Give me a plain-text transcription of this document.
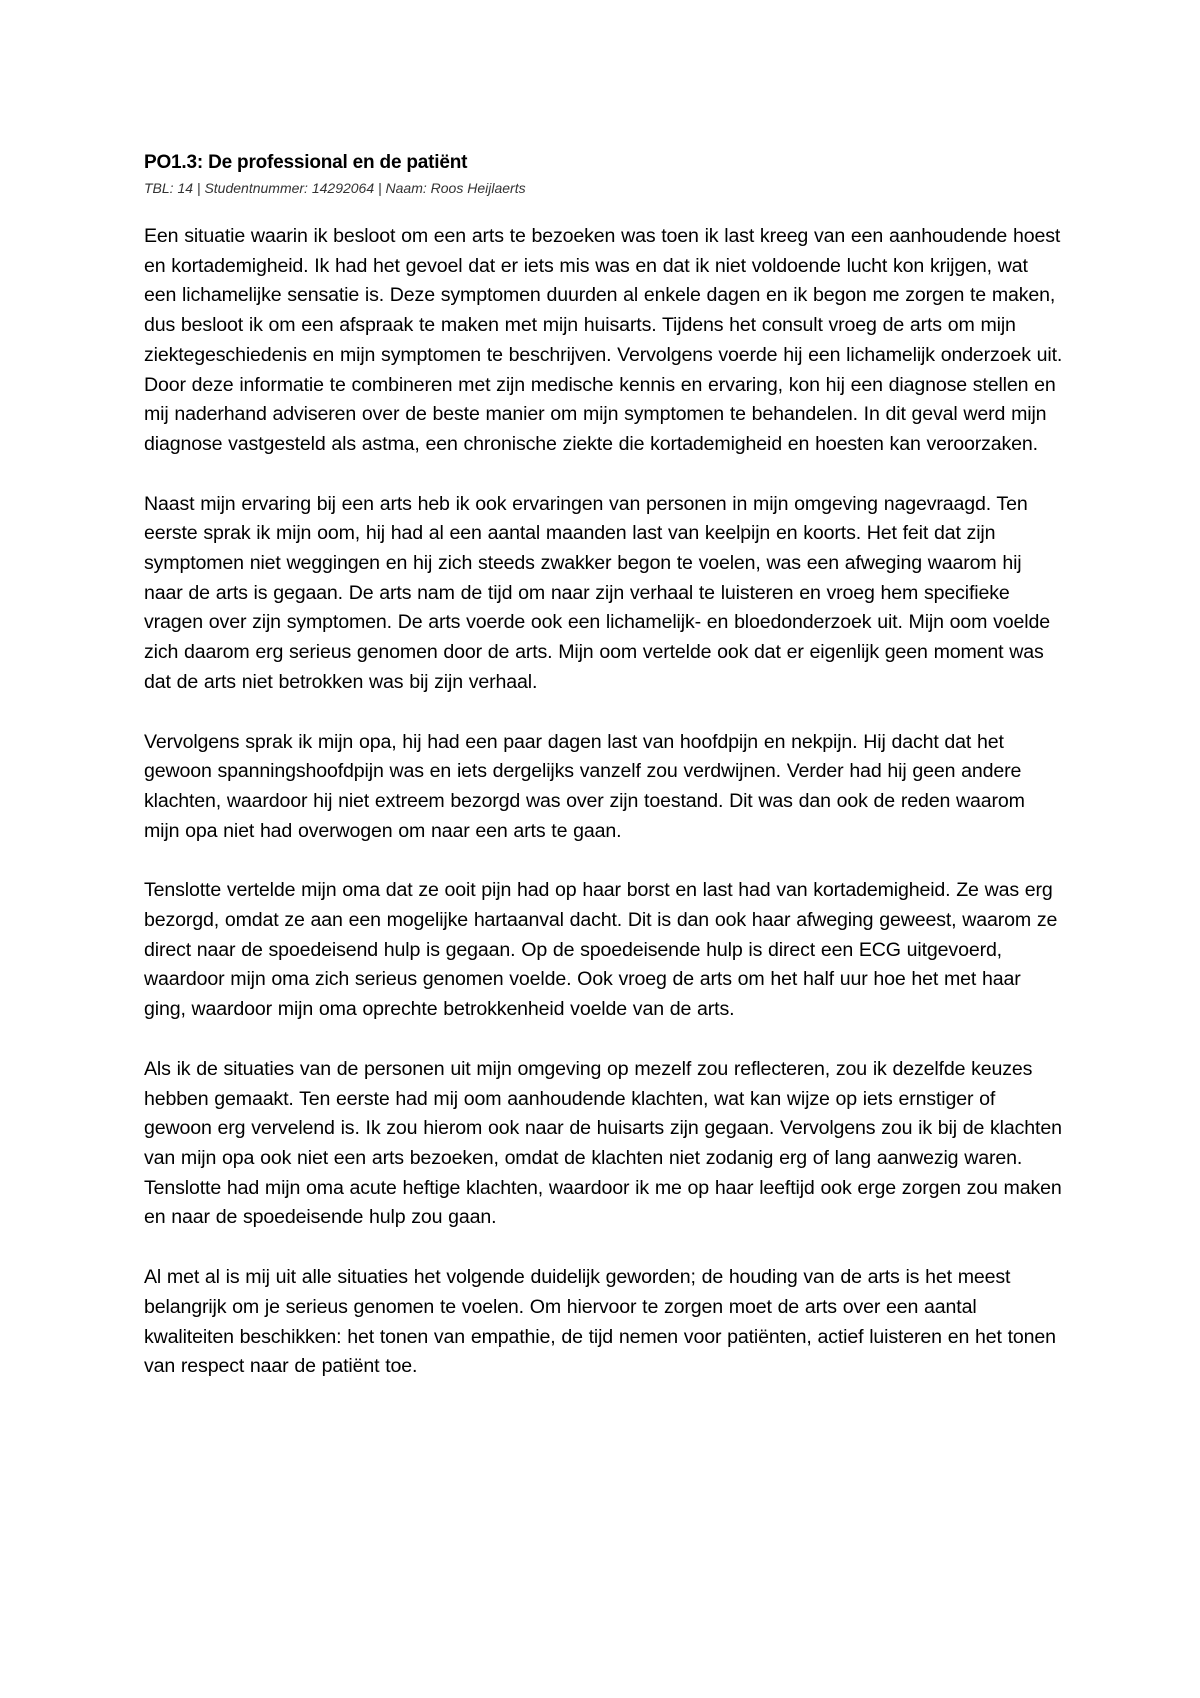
PO1.3: De professional en de patiënt

TBL: 14 | Studentnummer: 14292064 | Naam: Roos Heijlaerts

Een situatie waarin ik besloot om een arts te bezoeken was toen ik last kreeg van een aanhoudende hoest en kortademigheid. Ik had het gevoel dat er iets mis was en dat ik niet voldoende lucht kon krijgen, wat een lichamelijke sensatie is. Deze symptomen duurden al enkele dagen en ik begon me zorgen te maken, dus besloot ik om een afspraak te maken met mijn huisarts. Tijdens het consult vroeg de arts om mijn ziektegeschiedenis en mijn symptomen te beschrijven. Vervolgens voerde hij een lichamelijk onderzoek uit. Door deze informatie te combineren met zijn medische kennis en ervaring, kon hij een diagnose stellen en mij naderhand adviseren over de beste manier om mijn symptomen te behandelen. In dit geval werd mijn diagnose vastgesteld als astma, een chronische ziekte die kortademigheid en hoesten kan veroorzaken.

Naast mijn ervaring bij een arts heb ik ook ervaringen van personen in mijn omgeving nagevraagd. Ten eerste sprak ik mijn oom, hij had al een aantal maanden last van keelpijn en koorts. Het feit dat zijn symptomen niet weggingen en hij zich steeds zwakker begon te voelen, was een afweging waarom hij naar de arts is gegaan. De arts nam de tijd om naar zijn verhaal te luisteren en vroeg hem specifieke vragen over zijn symptomen. De arts voerde ook een lichamelijk- en bloedonderzoek uit. Mijn oom voelde zich daarom erg serieus genomen door de arts. Mijn oom vertelde ook dat er eigenlijk geen moment was dat de arts niet betrokken was bij zijn verhaal.

Vervolgens sprak ik mijn opa, hij had een paar dagen last van hoofdpijn en nekpijn. Hij dacht dat het gewoon spanningshoofdpijn was en iets dergelijks vanzelf zou verdwijnen. Verder had hij geen andere klachten, waardoor hij niet extreem bezorgd was over zijn toestand. Dit was dan ook de reden waarom mijn opa niet had overwogen om naar een arts te gaan.

Tenslotte vertelde mijn oma dat ze ooit pijn had op haar borst en last had van kortademigheid. Ze was erg bezorgd, omdat ze aan een mogelijke hartaanval dacht. Dit is dan ook haar afweging geweest, waarom ze direct naar de spoedeisend hulp is gegaan. Op de spoedeisende hulp is direct een ECG uitgevoerd, waardoor mijn oma zich serieus genomen voelde. Ook vroeg de arts om het half uur hoe het met haar ging, waardoor mijn oma oprechte betrokkenheid voelde van de arts.

Als ik de situaties van de personen uit mijn omgeving op mezelf zou reflecteren, zou ik dezelfde keuzes hebben gemaakt. Ten eerste had mij oom aanhoudende klachten, wat kan wijze op iets ernstiger of gewoon erg vervelend is. Ik zou hierom ook naar de huisarts zijn gegaan. Vervolgens zou ik bij de klachten van mijn opa ook niet een arts bezoeken, omdat de klachten niet zodanig erg of lang aanwezig waren. Tenslotte had mijn oma acute heftige klachten, waardoor ik me op haar leeftijd ook erge zorgen zou maken en naar de spoedeisende hulp zou gaan.

Al met al is mij uit alle situaties het volgende duidelijk geworden; de houding van de arts is het meest belangrijk om je serieus genomen te voelen. Om hiervoor te zorgen moet de arts over een aantal kwaliteiten beschikken: het tonen van empathie, de tijd nemen voor patiënten, actief luisteren en het tonen van respect naar de patiënt toe.
